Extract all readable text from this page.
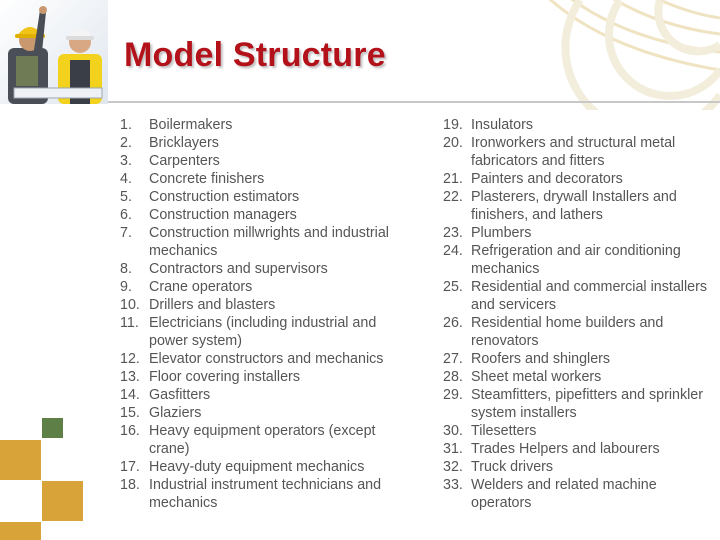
Model Structure
1. Boilermakers
2. Bricklayers
3. Carpenters
4. Concrete finishers
5. Construction estimators
6. Construction managers
7. Construction millwrights and industrial mechanics
8. Contractors and supervisors
9. Crane operators
10. Drillers and blasters
11. Electricians (including industrial and power system)
12. Elevator constructors and mechanics
13. Floor covering installers
14. Gasfitters
15. Glaziers
16. Heavy equipment operators (except crane)
17. Heavy-duty equipment mechanics
18. Industrial instrument technicians and mechanics
19. Insulators
20. Ironworkers and structural metal fabricators and fitters
21. Painters and decorators
22. Plasterers, drywall Installers and finishers, and lathers
23. Plumbers
24. Refrigeration and air conditioning mechanics
25. Residential and commercial installers and servicers
26. Residential home builders and renovators
27. Roofers and shinglers
28. Sheet metal workers
29. Steamfitters, pipefitters and sprinkler system installers
30. Tilesetters
31. Trades Helpers and labourers
32. Truck drivers
33. Welders and related machine operators
